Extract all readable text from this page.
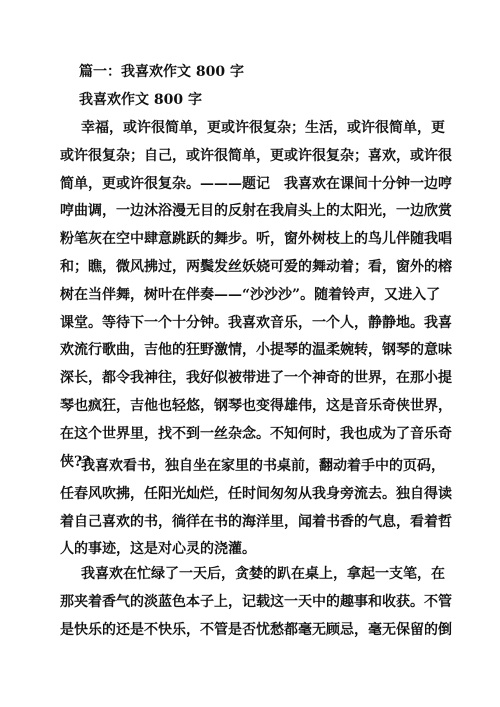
篇一：我喜欢作文 800 字
我喜欢作文 800 字
幸福，或许很简单，更或许很复杂；生活，或许很简单，更
或许很复杂；自己，或许很简单，更或许很复杂；喜欢，或许很
简单，更或许很复杂。———题记　我喜欢在课间十分钟一边哼
哼曲调，一边沐浴漫无目的反射在我肩头上的太阳光，一边欣赏
粉笔灰在空中肆意跳跃的舞步。听，窗外树枝上的鸟儿伴随我唱
和；瞧，微风拂过，两鬓发丝妖娆可爱的舞动着；看，窗外的榕
树在当伴舞，树叶在伴奏——“沙沙沙”。随着铃声，又进入了
课堂。等待下一个十分钟。我喜欢音乐，一个人，静静地。我喜
欢流行歌曲，吉他的狂野激情，小提琴的温柔婉转，钢琴的意味
深长，都令我神往，我好似被带进了一个神奇的世界，在那小提
琴也疯狂，吉他也轻悠，钢琴也变得雄伟，这是音乐奇侠世界，
在这个世界里，找不到一丝杂念。不知何时，我也成为了音乐奇
侠??
我喜欢看书，独自坐在家里的书桌前，翻动着手中的页码，
任春风吹拂，任阳光灿烂，任时间匆匆从我身旁流去。独自得读
着自己喜欢的书，徜徉在书的海洋里，闻着书香的气息，看着哲
人的事迹，这是对心灵的浇灌。
我喜欢在忙绿了一天后，贪婪的趴在桌上，拿起一支笔，在
那夹着香气的淡蓝色本子上，记载这一天中的趣事和收获。不管
是快乐的还是不快乐，不管是否忧愁都毫无顾忌，毫无保留的倒
